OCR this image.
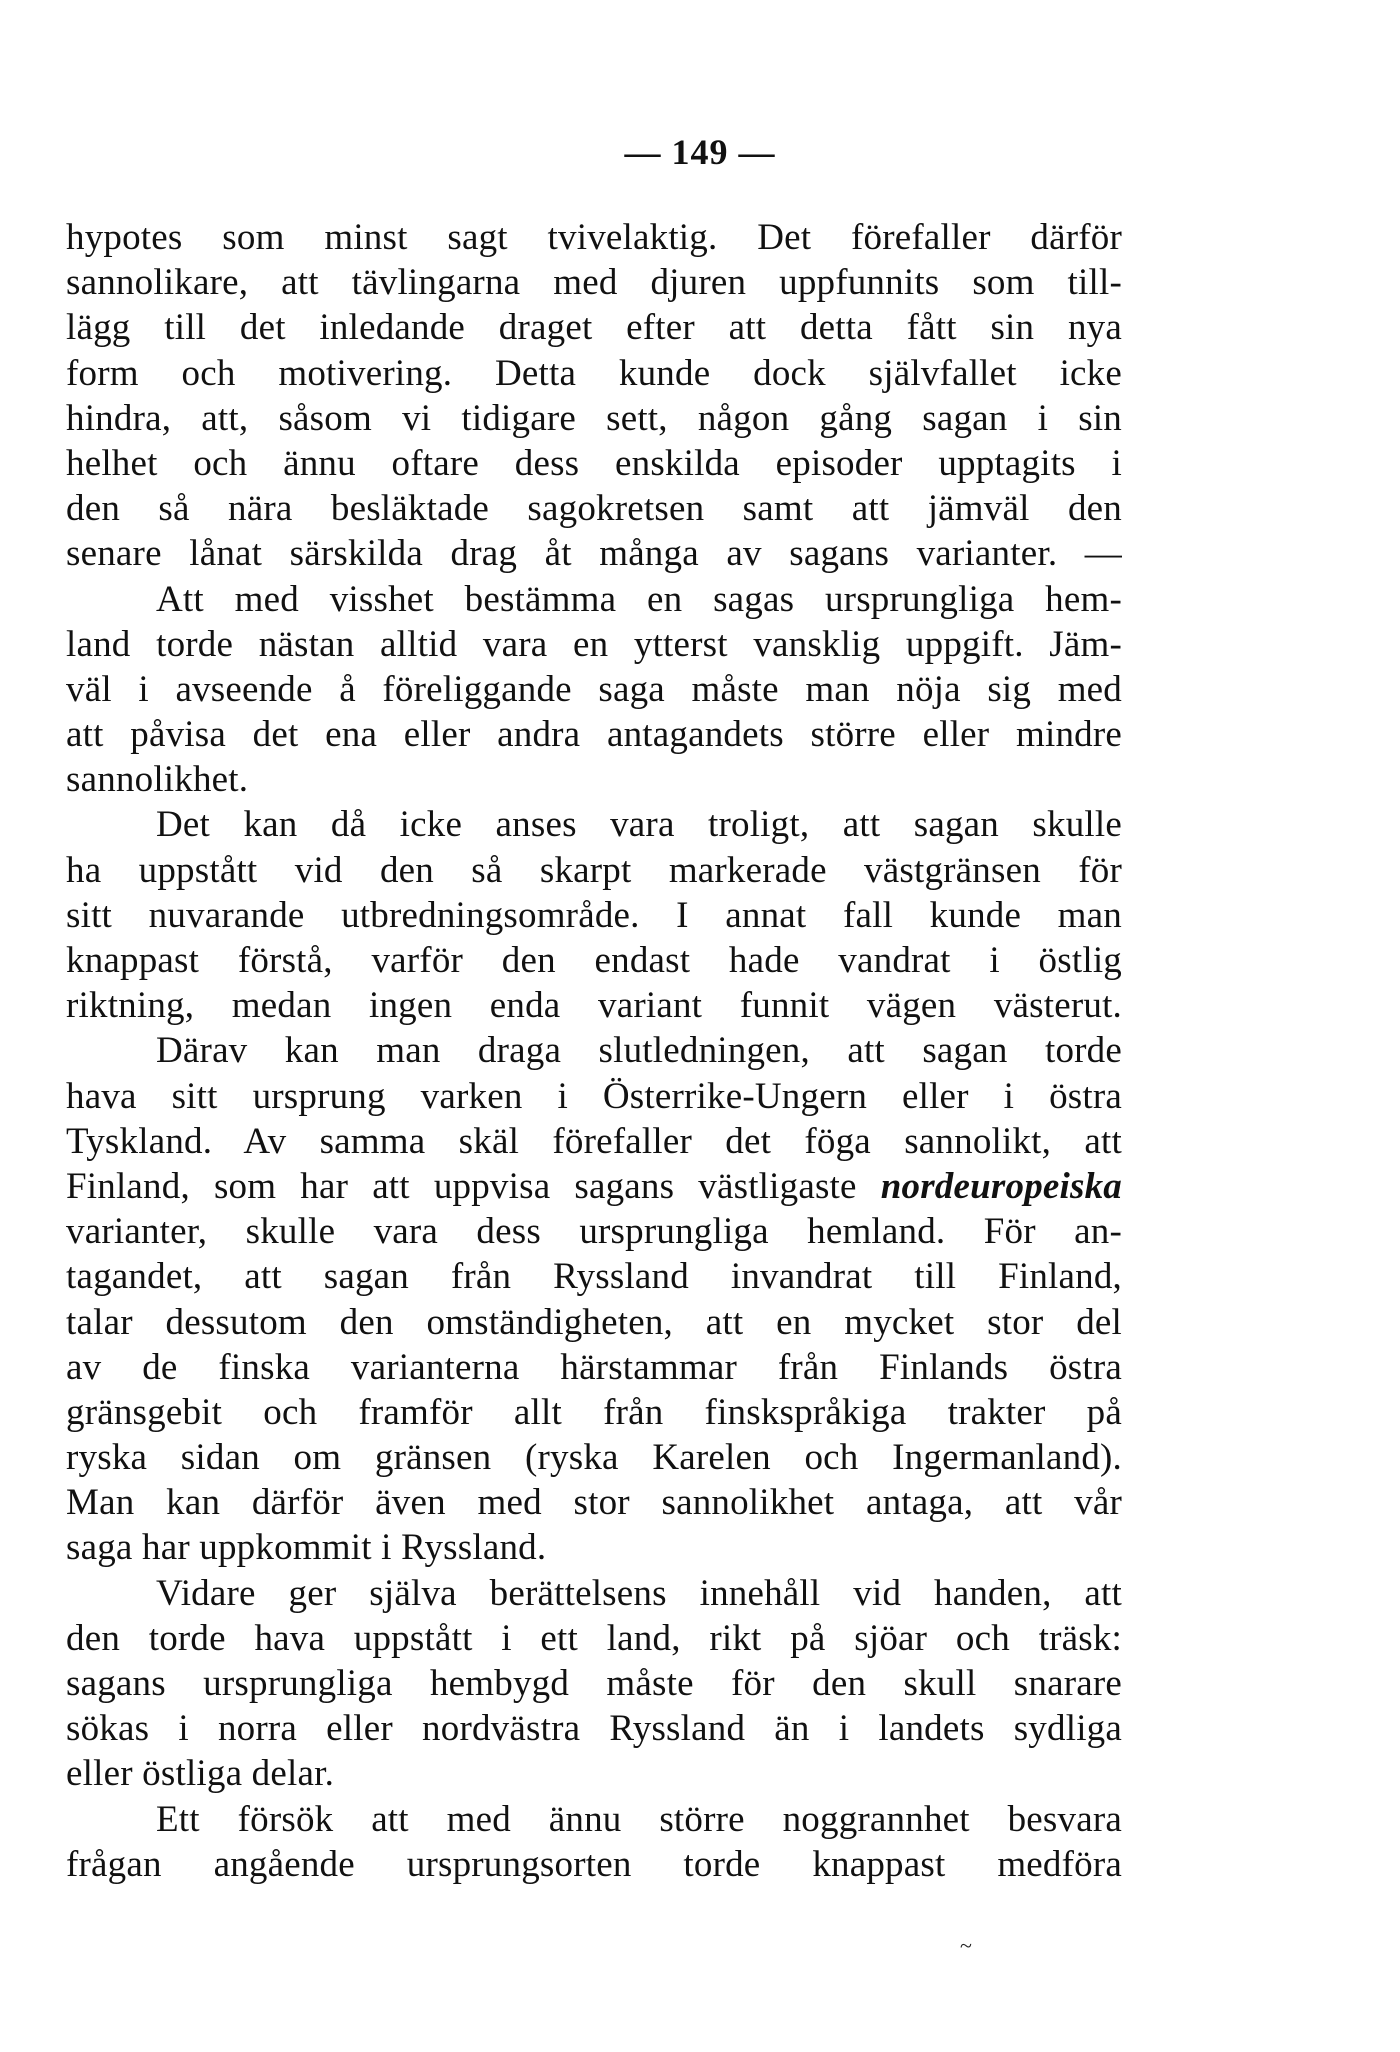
— 149 —
hypotes som minst sagt tvivelaktig. Det förefaller därför
sannolikare, att tävlingarna med djuren uppfunnits som till-
lägg till det inledande draget efter att detta fått sin nya
form och motivering. Detta kunde dock självfallet icke
hindra, att, såsom vi tidigare sett, någon gång sagan i sin
helhet och ännu oftare dess enskilda episoder upptagits i
den så nära besläktade sagokretsen samt att jämväl den
senare lånat särskilda drag åt många av sagans varianter. —
Att med visshet bestämma en sagas ursprungliga hem-
land torde nästan alltid vara en ytterst vansklig uppgift. Jäm-
väl i avseende å föreliggande saga måste man nöja sig med
att påvisa det ena eller andra antagandets större eller mindre
sannolikhet.
Det kan då icke anses vara troligt, att sagan skulle
ha uppstått vid den så skarpt markerade västgränsen för
sitt nuvarande utbredningsområde. I annat fall kunde man
knappast förstå, varför den endast hade vandrat i östlig
riktning, medan ingen enda variant funnit vägen västerut.
Därav kan man draga slutledningen, att sagan torde
hava sitt ursprung varken i Österrike-Ungern eller i östra
Tyskland. Av samma skäl förefaller det föga sannolikt, att
Finland, som har att uppvisa sagans västligaste nordeuropeiska
varianter, skulle vara dess ursprungliga hemland. För an-
tagandet, att sagan från Ryssland invandrat till Finland,
talar dessutom den omständigheten, att en mycket stor del
av de finska varianterna härstammar från Finlands östra
gränsgebit och framför allt från finskspråkiga trakter på
ryska sidan om gränsen (ryska Karelen och Ingermanland).
Man kan därför även med stor sannolikhet antaga, att vår
saga har uppkommit i Ryssland.
Vidare ger själva berättelsens innehåll vid handen, att
den torde hava uppstått i ett land, rikt på sjöar och träsk:
sagans ursprungliga hembygd måste för den skull snarare
sökas i norra eller nordvästra Ryssland än i landets sydliga
eller östliga delar.
Ett försök att med ännu större noggrannhet besvara
frågan angående ursprungsorten torde knappast medföra
~
